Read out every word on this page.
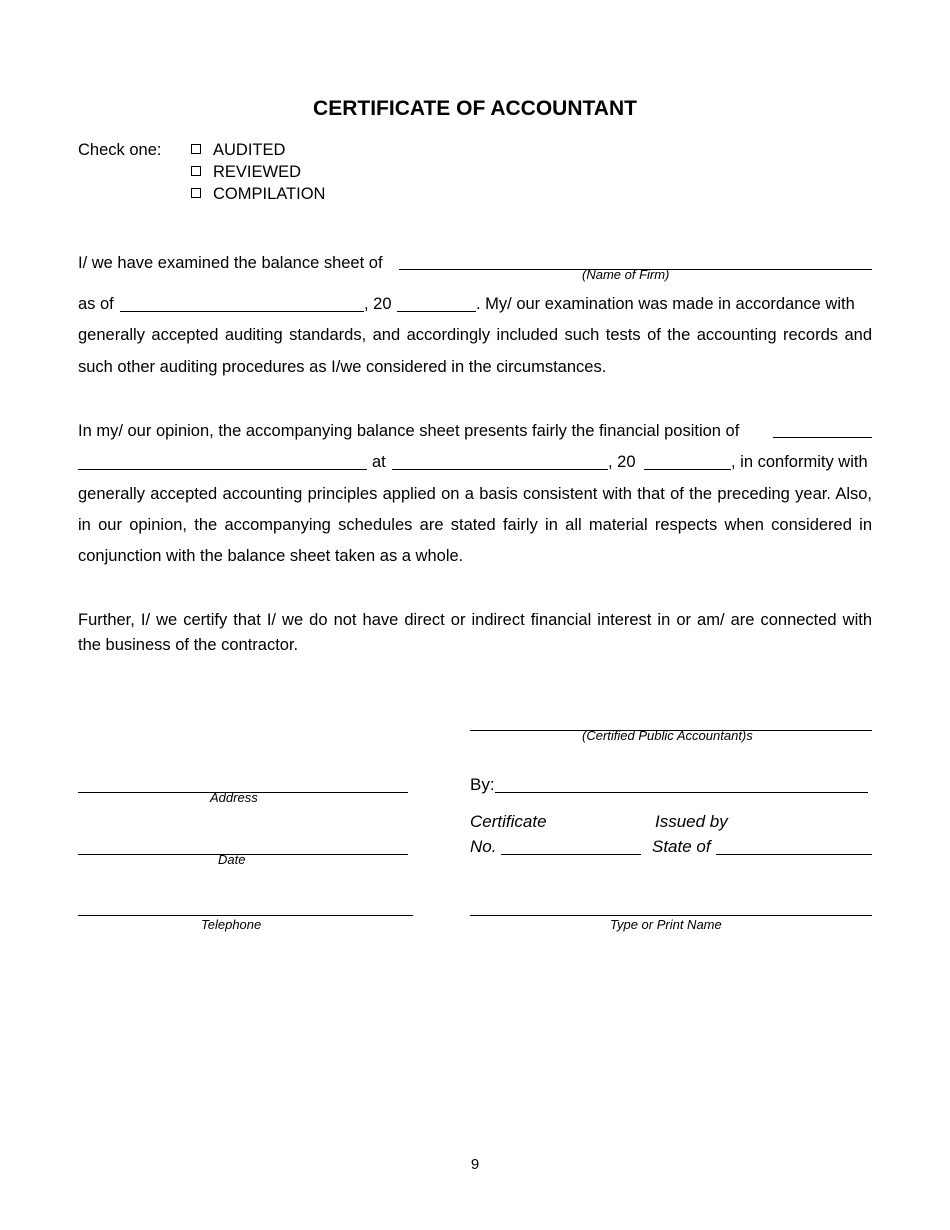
CERTIFICATE OF ACCOUNTANT
Check one:	AUDITED
REVIEWED
COMPILATION
I/ we have examined the balance sheet of
(Name of Firm)
as of	, 20	. My/ our examination was made in accordance with
generally accepted auditing standards, and accordingly included such tests of the accounting records and
such other auditing procedures as I/we considered in the circumstances.
In my/ our opinion, the accompanying balance sheet presents fairly the financial position of
at	, 20	, in conformity with
generally accepted accounting principles applied on a basis consistent with that of the preceding year. Also,
in our opinion, the accompanying schedules are stated fairly in all material respects when considered in
conjunction with the balance sheet taken as a whole.
Further, I/ we certify that I/ we do not have direct or indirect financial interest in or am/ are connected with
the business of the contractor.
(Certified Public Accountant)s
By:
Address
Certificate	Issued by
No.	State of
Date
Telephone	Type or Print Name
9
